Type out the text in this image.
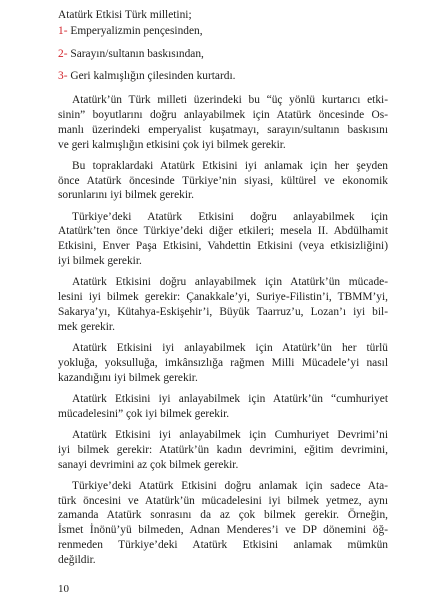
Atatürk Etkisi Türk milletini;
1- Emperyalizmin pençesinden,
2- Sarayın/sultanın baskısından,
3- Geri kalmışlığın çilesinden kurtardı.
Atatürk’ün Türk milleti üzerindeki bu “üç yönlü kurtarıcı etki-
sinin” boyutlarını doğru anlayabilmek için Atatürk öncesinde Os-
manlı üzerindeki emperyalist kuşatmayı, sarayın/sultanın baskısını
ve geri kalmışlığın etkisini çok iyi bilmek gerekir.
Bu topraklardaki Atatürk Etkisini iyi anlamak için her şeyden
önce Atatürk öncesinde Türkiye’nin siyasi, kültürel ve ekonomik
sorunlarını iyi bilmek gerekir.
Türkiye’deki Atatürk Etkisini doğru anlayabilmek için
Atatürk’ten önce Türkiye’deki diğer etkileri; mesela II. Abdülhamit
Etkisini, Enver Paşa Etkisini, Vahdettin Etkisini (veya etkisizliğini)
iyi bilmek gerekir.
Atatürk Etkisini doğru anlayabilmek için Atatürk’ün mücade-
lesini iyi bilmek gerekir: Çanakkale’yi, Suriye-Filistin’i, TBMM’yi,
Sakarya’yı, Kütahya-Eskişehir’i, Büyük Taarruz’u, Lozan’ı iyi bil-
mek gerekir.
Atatürk Etkisini iyi anlayabilmek için Atatürk’ün her türlü
yokluğa, yoksulluğa, imkânsızlığa rağmen Milli Mücadele’yi nasıl
kazandığını iyi bilmek gerekir.
Atatürk Etkisini iyi anlayabilmek için Atatürk’ün “cumhuriyet
mücadelesini” çok iyi bilmek gerekir.
Atatürk Etkisini iyi anlayabilmek için Cumhuriyet Devrimi’ni
iyi bilmek gerekir: Atatürk’ün kadın devrimini, eğitim devrimini,
sanayi devrimini az çok bilmek gerekir.
Türkiye’deki Atatürk Etkisini doğru anlamak için sadece Ata-
türk öncesini ve Atatürk’ün mücadelesini iyi bilmek yetmez, aynı
zamanda Atatürk sonrasını da az çok bilmek gerekir. Örneğin,
İsmet İnönü’yü bilmeden, Adnan Menderes’i ve DP dönemini öğ-
renmeden Türkiye’deki Atatürk Etkisini anlamak mümkün
değildir.
10
